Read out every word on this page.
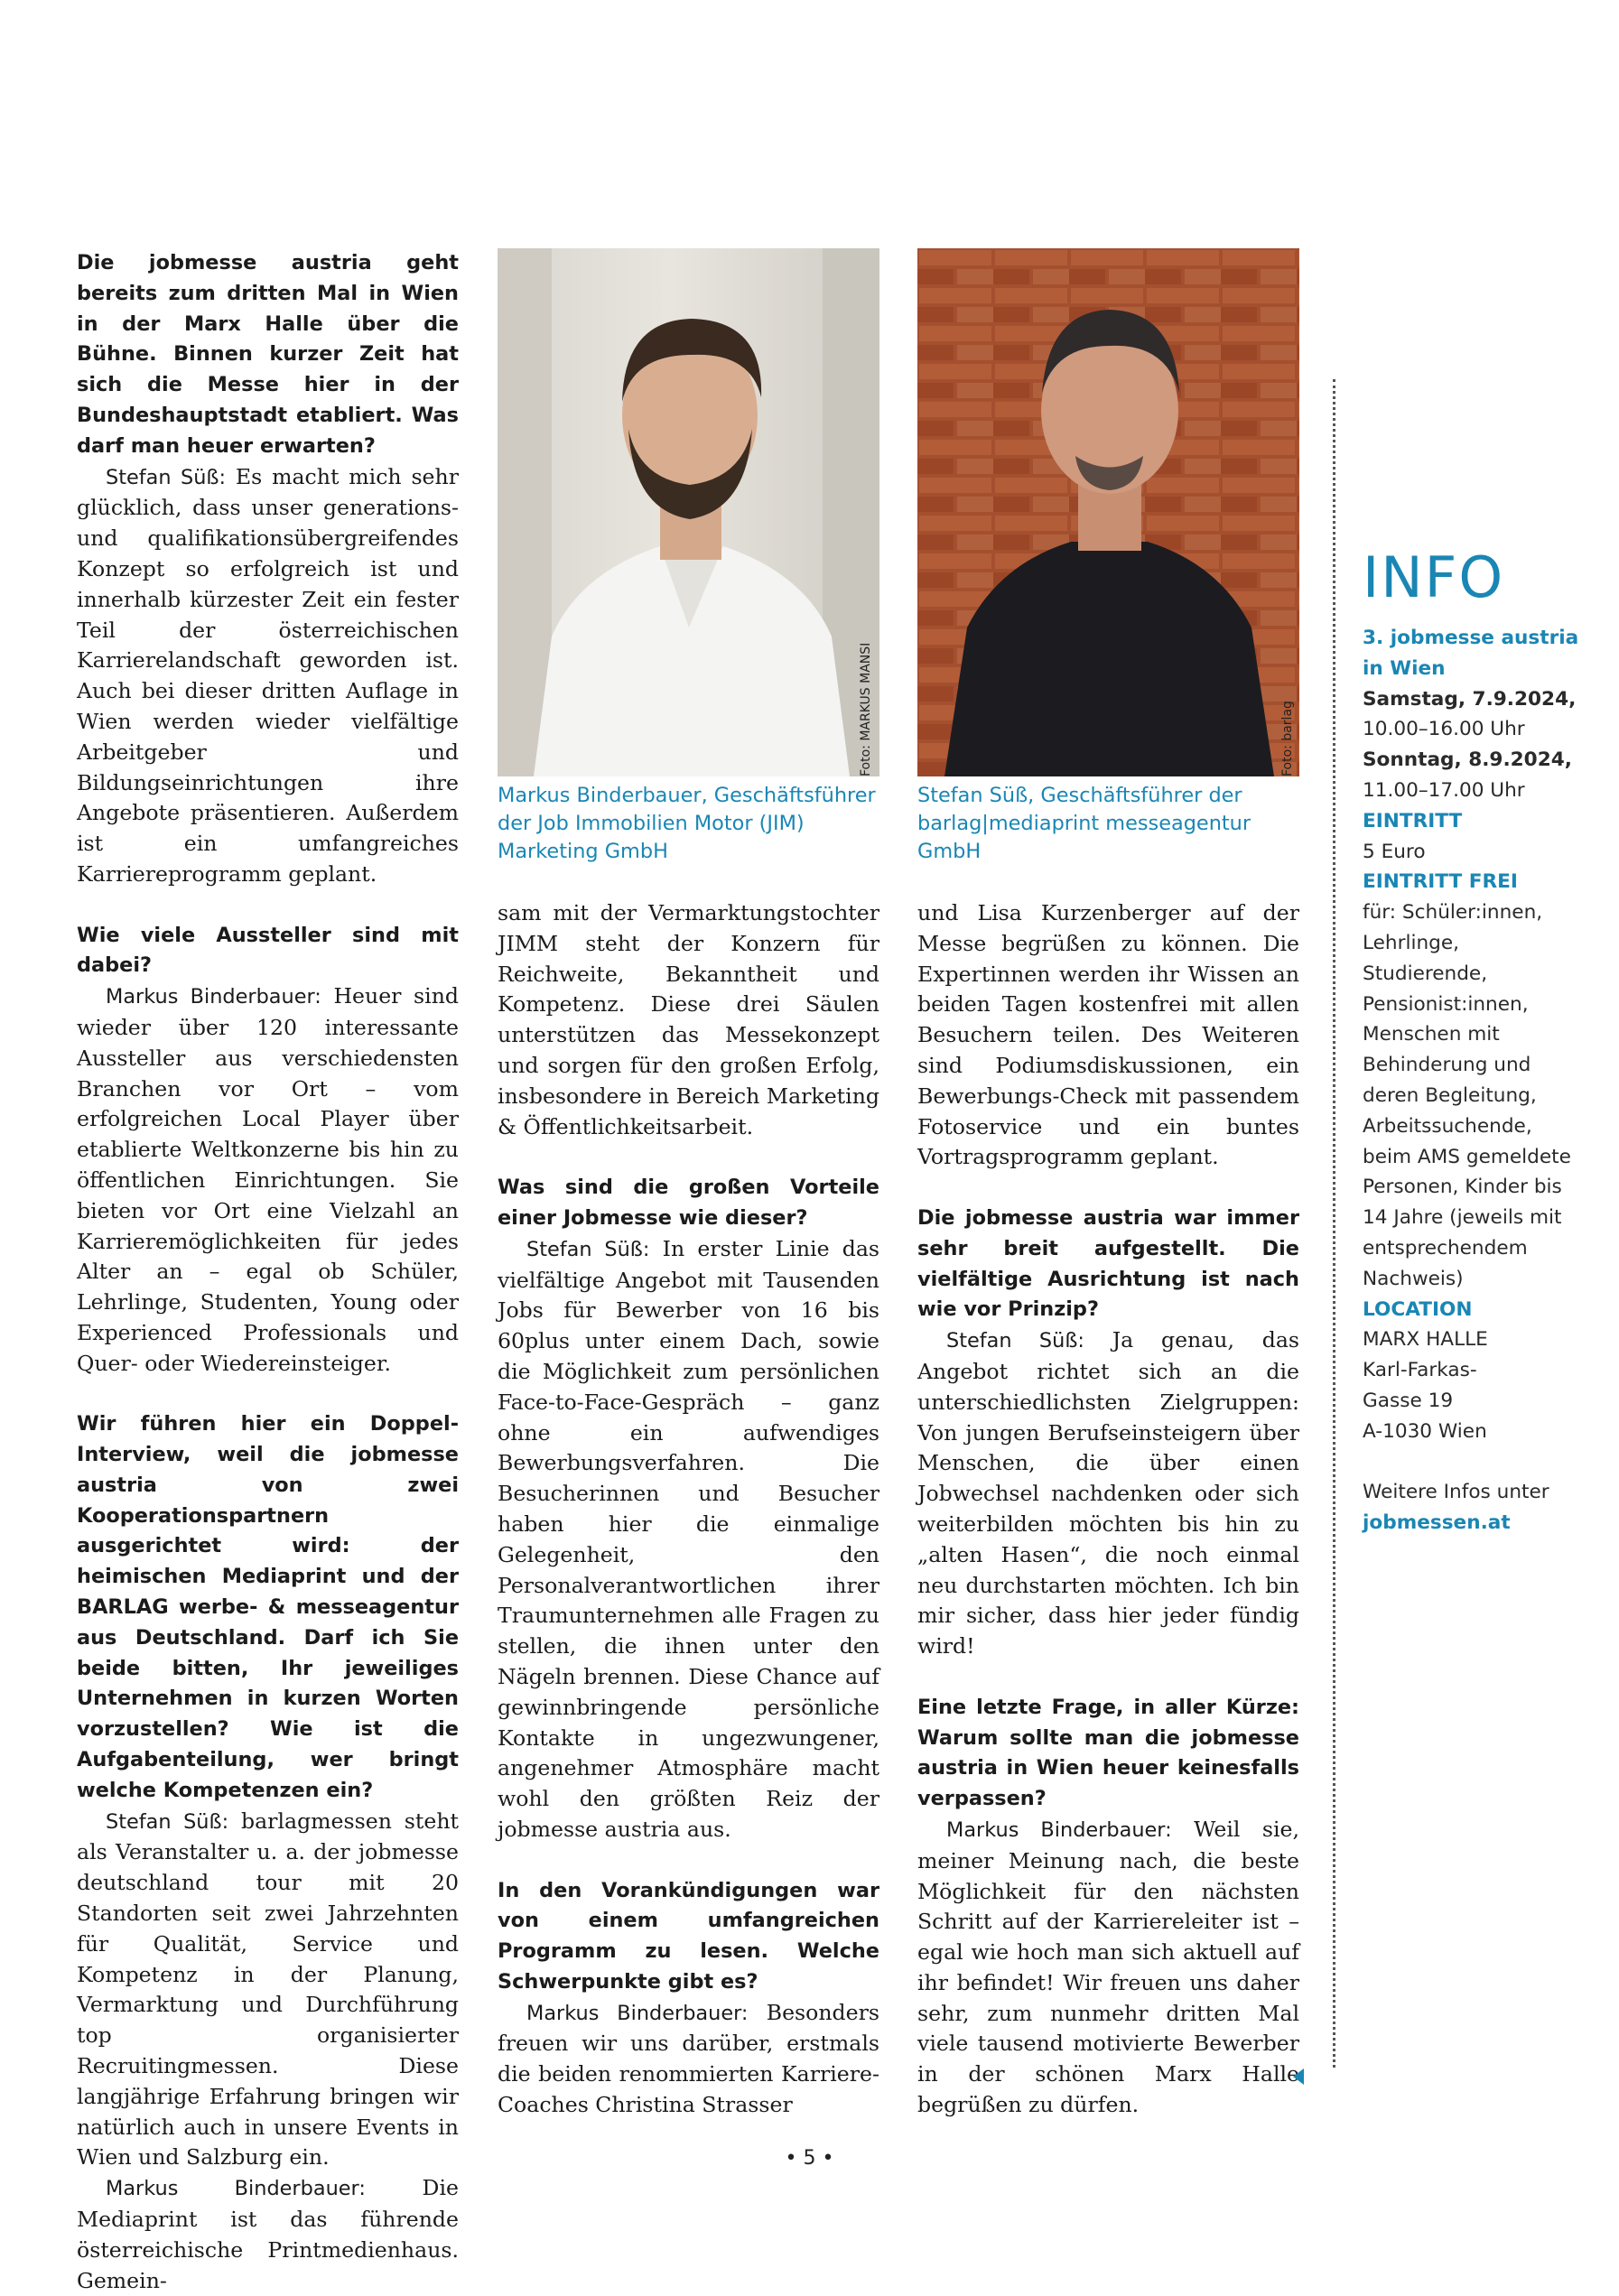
Die jobmesse austria geht bereits zum dritten Mal in Wien in der Marx Halle über die Bühne. Binnen kurzer Zeit hat sich die Messe hier in der Bundeshauptstadt etabliert. Was darf man heuer erwarten?

Stefan Süß: Es macht mich sehr glücklich, dass unser generations- und qualifikationsübergreifendes Konzept so erfolgreich ist und innerhalb kürzester Zeit ein fester Teil der österreichischen Karrierelandschaft geworden ist. Auch bei dieser dritten Auflage in Wien werden wieder vielfältige Arbeitgeber und Bildungseinrichtungen ihre Angebote präsentieren. Außerdem ist ein umfangreiches Karriereprogramm geplant.

Wie viele Aussteller sind mit dabei?

Markus Binderbauer: Heuer sind wieder über 120 interessante Aussteller aus verschiedensten Branchen vor Ort – vom erfolgreichen Local Player über etablierte Weltkonzerne bis hin zu öffentlichen Einrichtungen. Sie bieten vor Ort eine Vielzahl an Karrieremöglichkeiten für jedes Alter an – egal ob Schüler, Lehrlinge, Studenten, Young oder Experienced Professionals und Quer- oder Wiedereinsteiger.

Wir führen hier ein Doppel-Interview, weil die jobmesse austria von zwei Kooperationspartnern ausgerichtet wird: der heimischen Mediaprint und der BARLAG werbe- & messeagentur aus Deutschland. Darf ich Sie beide bitten, Ihr jeweiliges Unternehmen in kurzen Worten vorzustellen? Wie ist die Aufgabenteilung, wer bringt welche Kompetenzen ein?

Stefan Süß: barlagmessen steht als Veranstalter u. a. der jobmesse deutschland tour mit 20 Standorten seit zwei Jahrzehnten für Qualität, Service und Kompetenz in der Planung, Vermarktung und Durchführung top organisierter Recruitingmessen. Diese langjährige Erfahrung bringen wir natürlich auch in unsere Events in Wien und Salzburg ein.

Markus Binderbauer: Die Mediaprint ist das führende österreichische Printmedienhaus. Gemein-

Foto: MARKUS MANSI
Markus Binderbauer, Geschäftsführer der Job Immobilien Motor (JIM) Marketing GmbH
Foto: barlag
Stefan Süß, Geschäftsführer der barlag|mediaprint messeagentur GmbH

sam mit der Vermarktungstochter JIMM steht der Konzern für Reichweite, Bekanntheit und Kompetenz. Diese drei Säulen unterstützen das Messekonzept und sorgen für den großen Erfolg, insbesondere in Bereich Marketing & Öffentlichkeitsarbeit.

Was sind die großen Vorteile einer Jobmesse wie dieser?

Stefan Süß: In erster Linie das vielfältige Angebot mit Tausenden Jobs für Bewerber von 16 bis 60plus unter einem Dach, sowie die Möglichkeit zum persönlichen Face-to-Face-Gespräch – ganz ohne ein aufwendiges Bewerbungsverfahren. Die Besucherinnen und Besucher haben hier die einmalige Gelegenheit, den Personalverantwortlichen ihrer Traumunternehmen alle Fragen zu stellen, die ihnen unter den Nägeln brennen. Diese Chance auf gewinnbringende persönliche Kontakte in ungezwungener, angenehmer Atmosphäre macht wohl den größten Reiz der jobmesse austria aus.

In den Vorankündigungen war von einem umfangreichen Programm zu lesen. Welche Schwerpunkte gibt es?

Markus Binderbauer: Besonders freuen wir uns darüber, erstmals die beiden renommierten Karriere-Coaches Christina Strasser

und Lisa Kurzenberger auf der Messe begrüßen zu können. Die Expertinnen werden ihr Wissen an beiden Tagen kostenfrei mit allen Besuchern teilen. Des Weiteren sind Podiumsdiskussionen, ein Bewerbungs-Check mit passendem Fotoservice und ein buntes Vortragsprogramm geplant.

Die jobmesse austria war immer sehr breit aufgestellt. Die vielfältige Ausrichtung ist nach wie vor Prinzip?

Stefan Süß: Ja genau, das Angebot richtet sich an die unterschiedlichsten Zielgruppen: Von jungen Berufseinsteigern über Menschen, die über einen Jobwechsel nachdenken oder sich weiterbilden möchten bis hin zu „alten Hasen“, die noch einmal neu durchstarten möchten. Ich bin mir sicher, dass hier jeder fündig wird!

Eine letzte Frage, in aller Kürze: Warum sollte man die jobmesse austria in Wien heuer keinesfalls verpassen?

Markus Binderbauer: Weil sie, meiner Meinung nach, die beste Möglichkeit für den nächsten Schritt auf der Karriereleiter ist – egal wie hoch man sich aktuell auf ihr befindet! Wir freuen uns daher sehr, zum nunmehr dritten Mal viele tausend motivierte Bewerber in der schönen Marx Halle begrüßen zu dürfen.

INFO

3. jobmesse austria in Wien

Samstag, 7.9.2024,

10.00–16.00 Uhr

Sonntag, 8.9.2024,

11.00–17.00 Uhr

EINTRITT

5 Euro

EINTRITT FREI

für: Schüler:innen, Lehrlinge, Studierende, Pensionist:innen, Menschen mit Behinderung und deren Begleitung, Arbeitssuchende, beim AMS gemeldete Personen, Kinder bis 14 Jahre (jeweils mit entsprechendem Nachweis)

LOCATION

MARX HALLE

Karl-Farkas-

Gasse 19

A-1030 Wien

Weitere Infos unter

jobmessen.at

• 5 •
